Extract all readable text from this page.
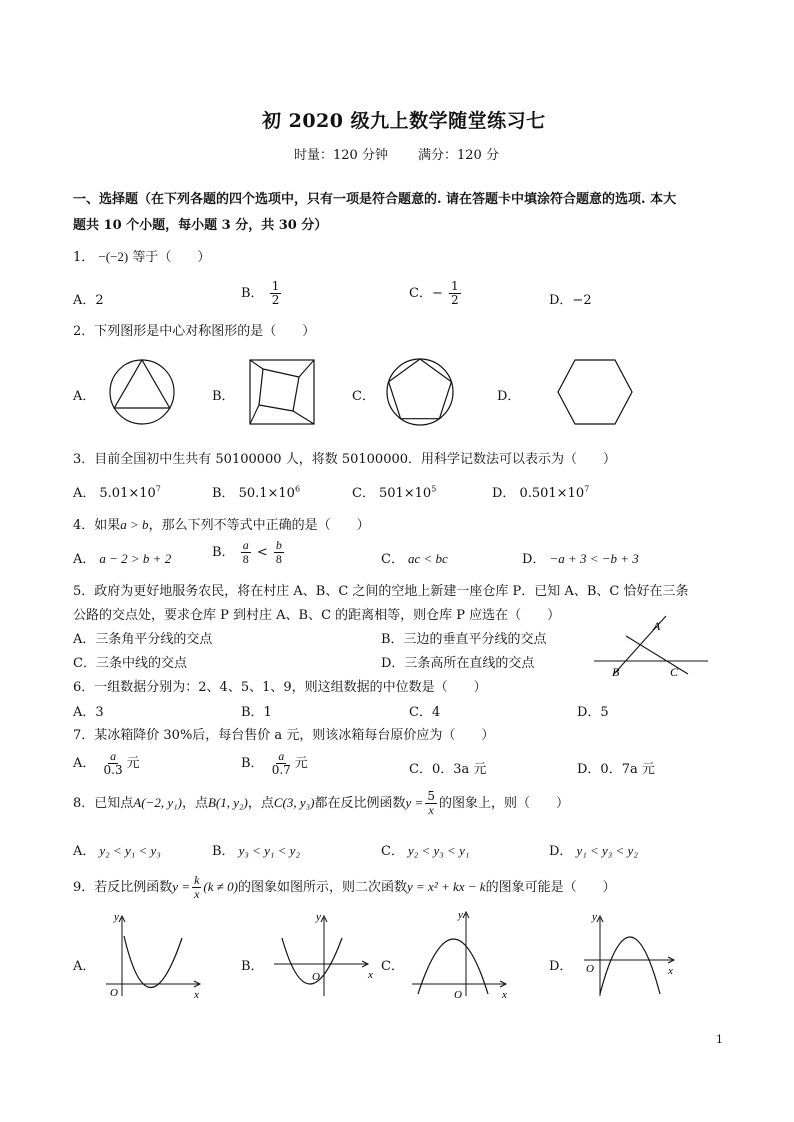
初 2020 级九上数学随堂练习七
时量：120 分钟 满分：120 分
一、选择题（在下列各题的四个选项中，只有一项是符合题意的. 请在答题卡中填涂符合题意的选项. 本大
题共 10 个小题，每小题 3 分，共 30 分）
1． −(−2) 等于（　　）
A．2	B． $\frac{1}{2}$	C．− $\frac{1}{2}$	D．−2
2．下列图形是中心对称图形的是（　　）
A．	B．	C．	D．
3．目前全国初中生共有 50100000 人，将数 50100000．用科学记数法可以表示为（　　）
A． $5.01\times 10^7$	B． $50.1\times 10^6$	C． $501\times 10^5$	D． $0.501\times 10^7$
4．如果a > b，那么下列不等式中正确的是（　　）
A． a − 2 > b + 2	B． $\frac{a}{8} < \frac{b}{8}$	C． ac < bc	D． −a + 3 < −b + 3
5．政府为更好地服务农民，将在村庄 A、B、C 之间的空地上新建一座仓库 P．已知 A、B、C 恰好在三条
公路的交点处，要求仓库 P 到村庄 A、B、C 的距离相等，则仓库 P 应选在（　　）
A．三条角平分线的交点	B．三边的垂直平分线的交点
C．三条中线的交点	D．三条高所在直线的交点
A
B	C
6．一组数据分别为：2、4、5、1、9，则这组数据的中位数是（　　）
A．3	B．1	C．4	D．5
7．某冰箱降价 30%后，每台售价 a 元，则该冰箱每台原价应为（　　）
A． $\frac{a}{0.3}$ 元	B． $\frac{a}{0.7}$ 元	C．0．3a 元	D．0．7a 元
8．已知点A(−2, y₁)，点B(1, y₂)，点C(3, y₃)都在反比例函数$y = \frac{5}{x}$ 的图象上，则（　　）
A． y₂ < y₁ < y₃	B． y₃ < y₁ < y₂	C． y₂ < y₃ < y₁	D． y₁ < y₃ < y₂
9．若反比例函数$y = \frac{k}{x} (k \ne 0)$的图象如图所示，则二次函数y = x² + kx − k的图象可能是（　　）
A．
y
x
O
B．
y
x
O
C．
y
x
O
D．
y
x
O
1
